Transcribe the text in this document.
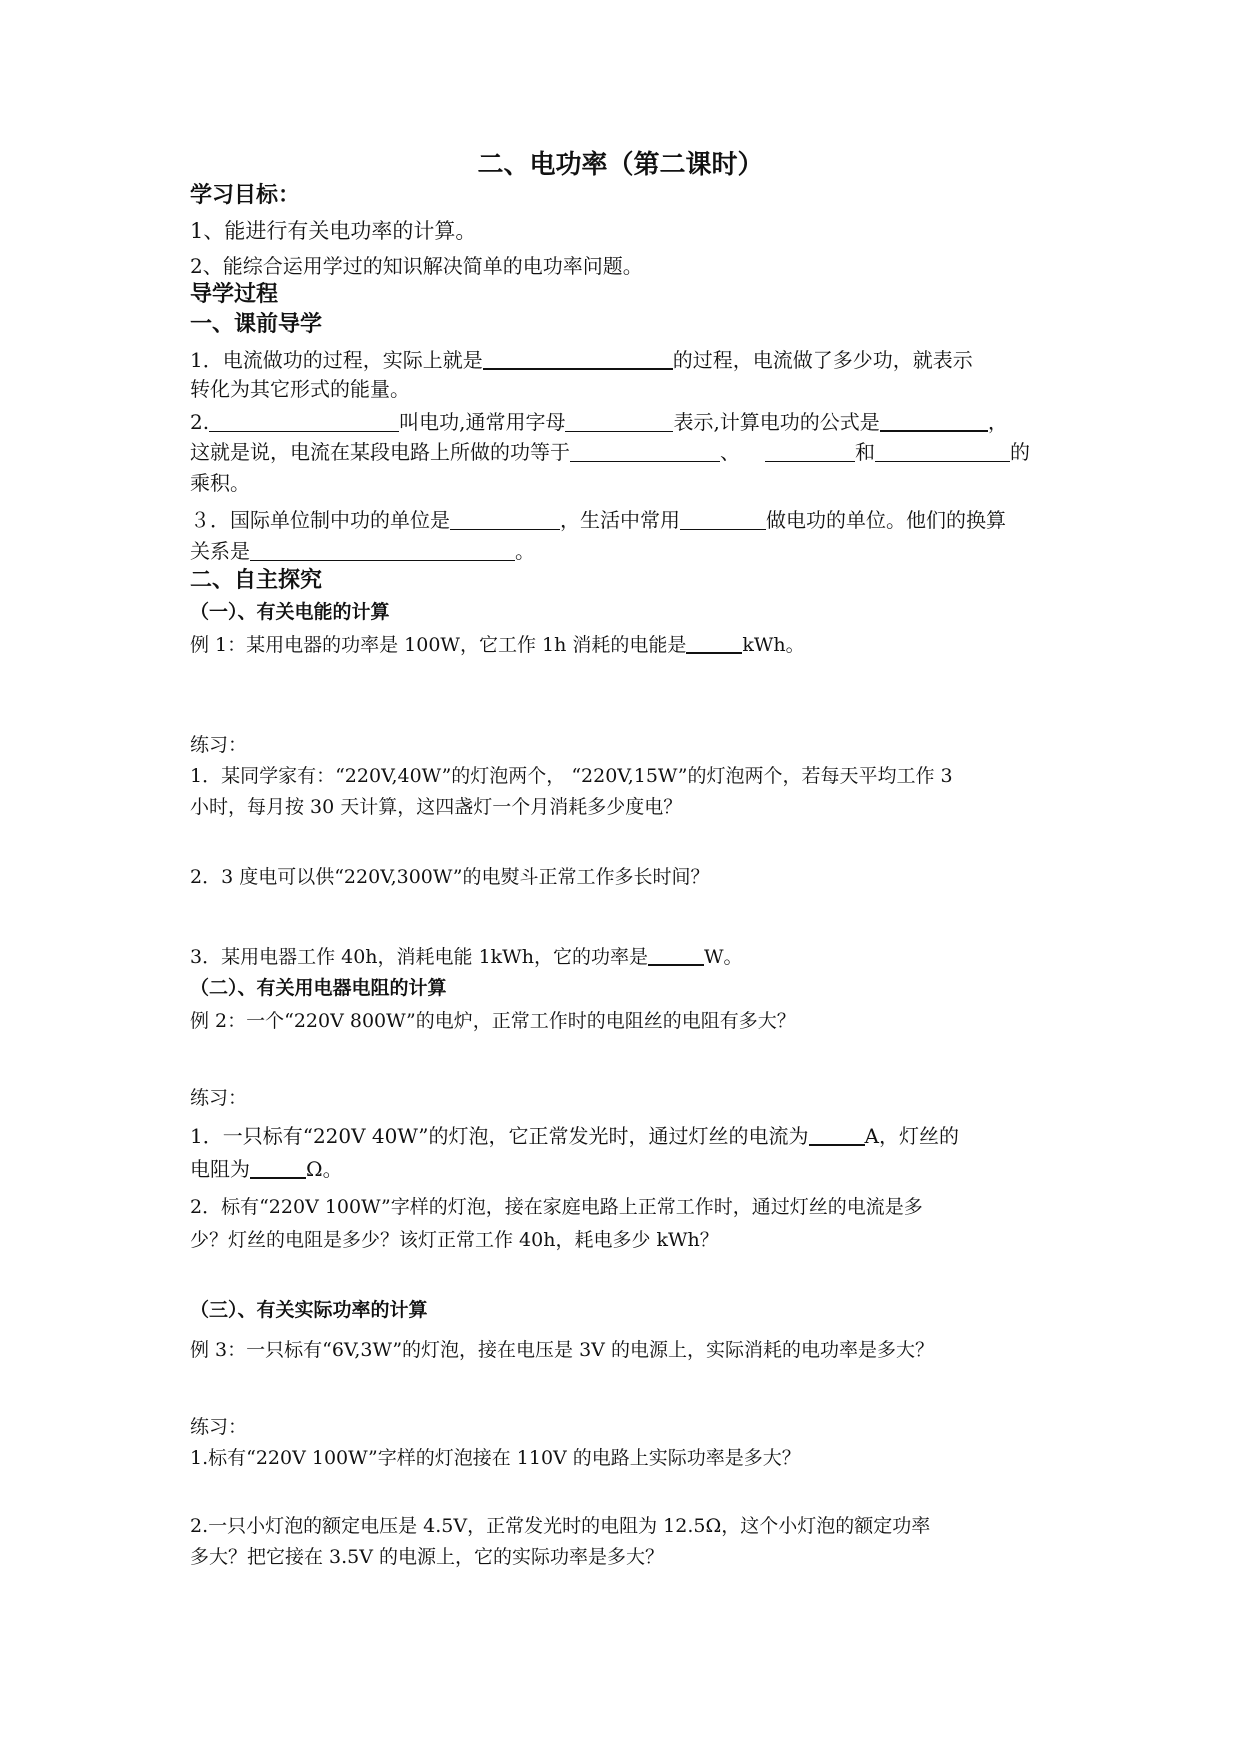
二、电功率（第二课时）
学习目标：
1、能进行有关电功率的计算。
2、能综合运用学过的知识解决简单的电功率问题。
导学过程
一、课前导学
1．电流做功的过程，实际上就是	的过程，电流做了多少功，就表示
转化为其它形式的能量。
2.	叫电功,通常用字母	表示,计算电功的公式是	，
这就是说，电流在某段电路上所做的功等于	、	和	的
乘积。
３．国际单位制中功的单位是	，生活中常用	做电功的单位。他们的换算
关系是	。
二、自主探究
（一）、有关电能的计算
例 1：某用电器的功率是 100W，它工作 1h 消耗的电能是	kWh。
练习：
1．某同学家有：“220V,40W”的灯泡两个， “220V,15W”的灯泡两个，若每天平均工作 3
小时，每月按 30 天计算，这四盏灯一个月消耗多少度电？
2．3 度电可以供“220V,300W”的电熨斗正常工作多长时间？
3．某用电器工作 40h，消耗电能 1kWh，它的功率是	W。
（二）、有关用电器电阻的计算
例 2：一个“220V 800W”的电炉，正常工作时的电阻丝的电阻有多大？
练习：
1．一只标有“220V 40W”的灯泡，它正常发光时，通过灯丝的电流为	A，灯丝的
电阻为	Ω。
2．标有“220V 100W”字样的灯泡，接在家庭电路上正常工作时，通过灯丝的电流是多
少？灯丝的电阻是多少？该灯正常工作 40h，耗电多少 kWh？
（三）、有关实际功率的计算
例 3：一只标有“6V,3W”的灯泡，接在电压是 3V 的电源上，实际消耗的电功率是多大？
练习：
1.标有“220V 100W”字样的灯泡接在 110V 的电路上实际功率是多大？
2.一只小灯泡的额定电压是 4.5V，正常发光时的电阻为 12.5Ω，这个小灯泡的额定功率
多大？把它接在 3.5V 的电源上，它的实际功率是多大？
